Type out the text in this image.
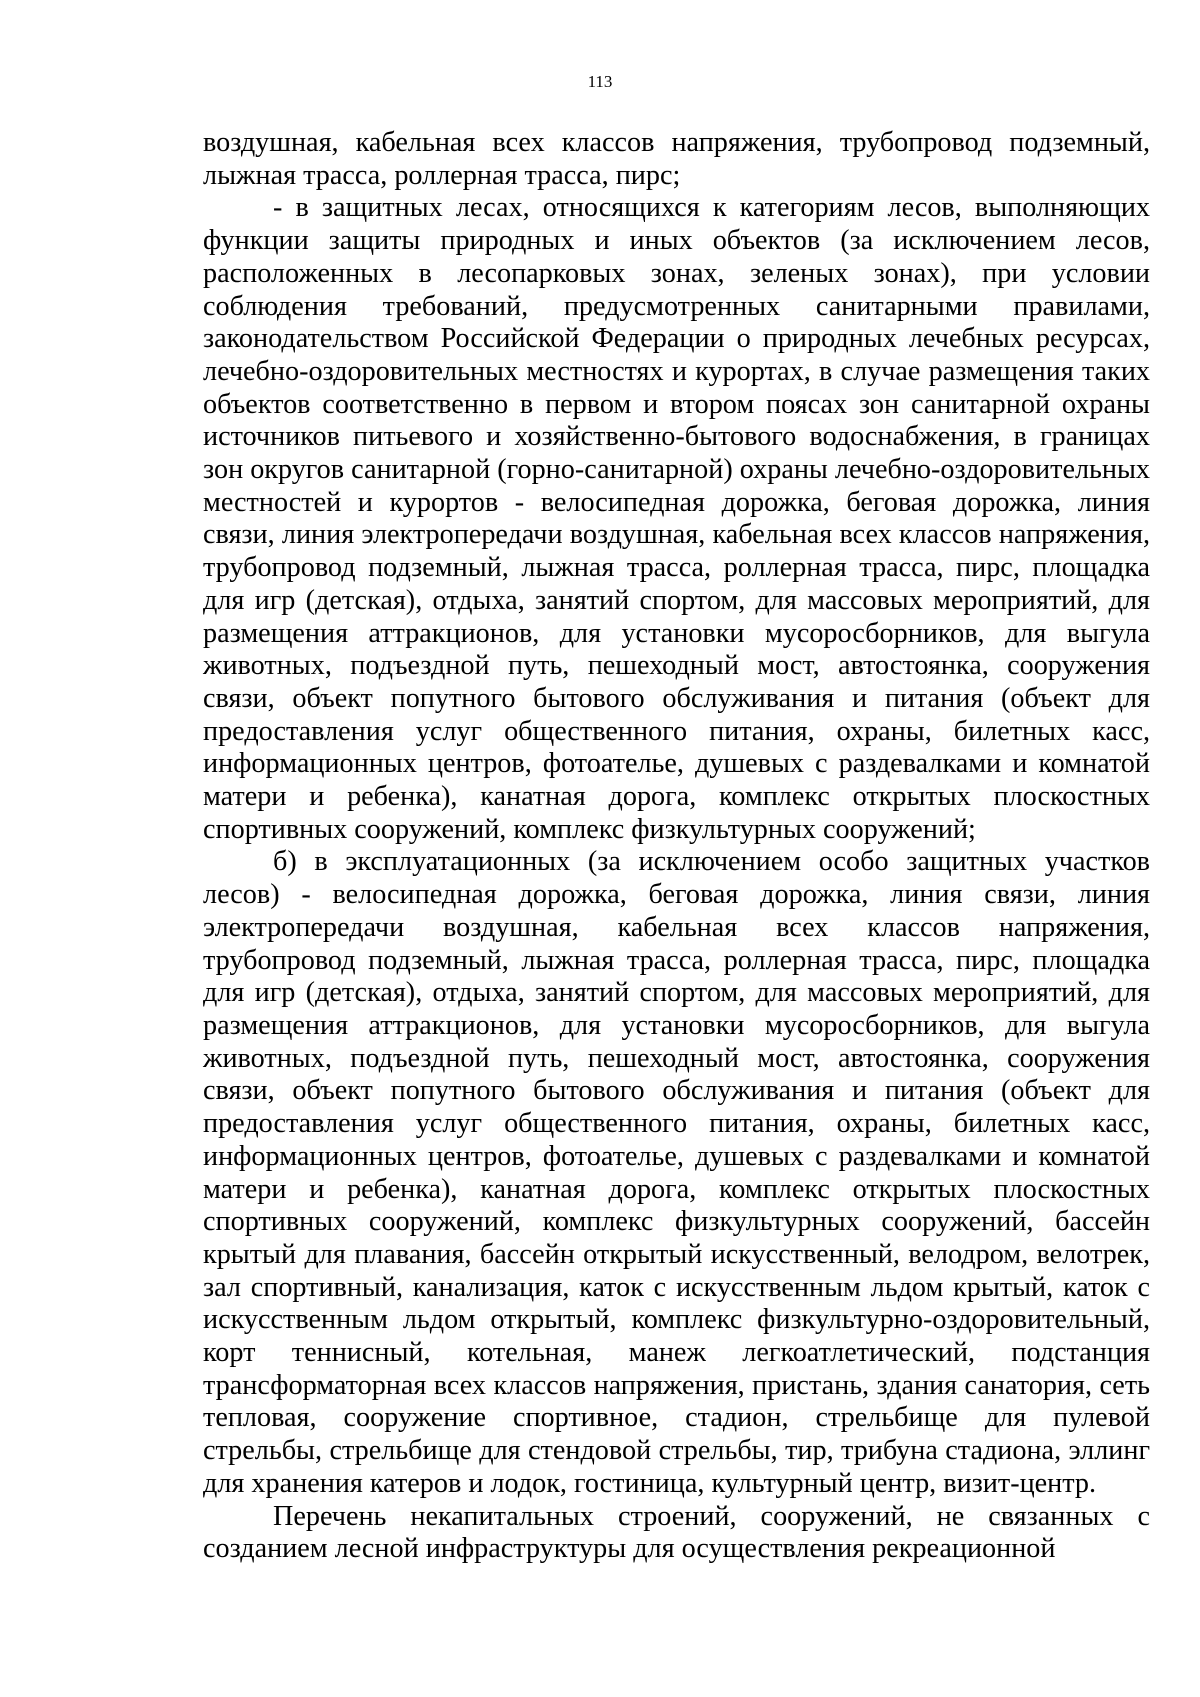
113

воздушная, кабельная всех классов напряжения, трубопровод подземный, лыжная трасса, роллерная трасса, пирс;

- в защитных лесах, относящихся к категориям лесов, выполняющих функции защиты природных и иных объектов (за исключением лесов, расположенных в лесопарковых зонах, зеленых зонах), при условии соблюдения требований, предусмотренных санитарными правилами, законодательством Российской Федерации о природных лечебных ресурсах, лечебно-оздоровительных местностях и курортах, в случае размещения таких объектов соответственно в первом и втором поясах зон санитарной охраны источников питьевого и хозяйственно-бытового водоснабжения, в границах зон округов санитарной (горно-санитарной) охраны лечебно-оздоровительных местностей и курортов - велосипедная дорожка, беговая дорожка, линия связи, линия электропередачи воздушная, кабельная всех классов напряжения, трубопровод подземный, лыжная трасса, роллерная трасса, пирс, площадка для игр (детская), отдыха, занятий спортом, для массовых мероприятий, для размещения аттракционов, для установки мусоросборников, для выгула животных, подъездной путь, пешеходный мост, автостоянка, сооружения связи, объект попутного бытового обслуживания и питания (объект для предоставления услуг общественного питания, охраны, билетных касс, информационных центров, фотоателье, душевых с раздевалками и комнатой матери и ребенка), канатная дорога, комплекс открытых плоскостных спортивных сооружений, комплекс физкультурных сооружений;

б) в эксплуатационных (за исключением особо защитных участков лесов) - велосипедная дорожка, беговая дорожка, линия связи, линия электропередачи воздушная, кабельная всех классов напряжения, трубопровод подземный, лыжная трасса, роллерная трасса, пирс, площадка для игр (детская), отдыха, занятий спортом, для массовых мероприятий, для размещения аттракционов, для установки мусоросборников, для выгула животных, подъездной путь, пешеходный мост, автостоянка, сооружения связи, объект попутного бытового обслуживания и питания (объект для предоставления услуг общественного питания, охраны, билетных касс, информационных центров, фотоателье, душевых с раздевалками и комнатой матери и ребенка), канатная дорога, комплекс открытых плоскостных спортивных сооружений, комплекс физкультурных сооружений, бассейн крытый для плавания, бассейн открытый искусственный, велодром, велотрек, зал спортивный, канализация, каток с искусственным льдом крытый, каток с искусственным льдом открытый, комплекс физкультурно-оздоровительный, корт теннисный, котельная, манеж легкоатлетический, подстанция трансформаторная всех классов напряжения, пристань, здания санатория, сеть тепловая, сооружение спортивное, стадион, стрельбище для пулевой стрельбы, стрельбище для стендовой стрельбы, тир, трибуна стадиона, эллинг для хранения катеров и лодок, гостиница, культурный центр, визит-центр.

Перечень некапитальных строений, сооружений, не связанных с созданием лесной инфраструктуры для осуществления рекреационной
